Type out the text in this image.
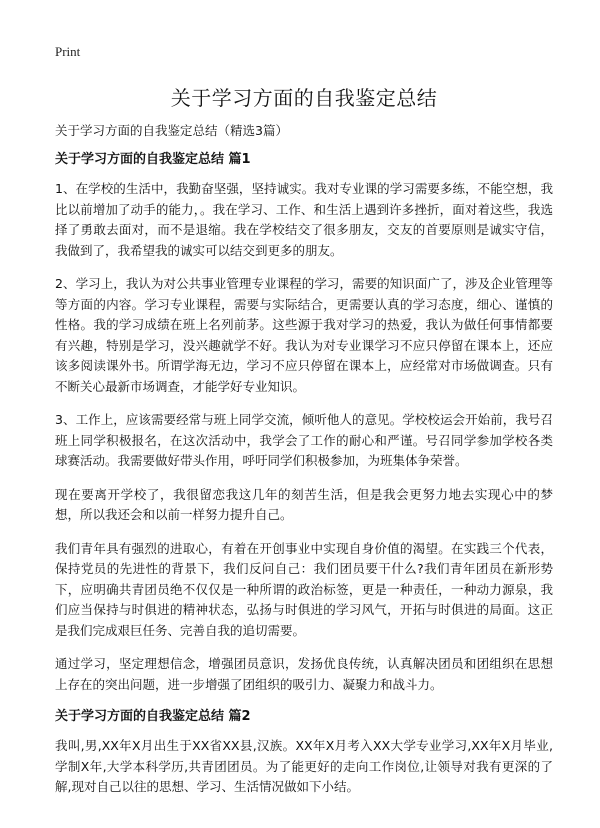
Print
关于学习方面的自我鉴定总结

关于学习方面的自我鉴定总结（精选3篇）

关于学习方面的自我鉴定总结 篇1

1、在学校的生活中，我勤奋坚强，坚持诚实。我对专业课的学习需要多练，不能空想，我比以前增加了动手的能力，。我在学习、工作、和生活上遇到许多挫折，面对着这些，我选择了勇敢去面对，而不是退缩。我在学校结交了很多朋友，交友的首要原则是诚实守信，我做到了，我希望我的诚实可以结交到更多的朋友。

2、学习上，我认为对公共事业管理专业课程的学习，需要的知识面广了，涉及企业管理等等方面的内容。学习专业课程，需要与实际结合，更需要认真的学习态度，细心、谨慎的性格。我的学习成绩在班上名列前茅。这些源于我对学习的热爱，我认为做任何事情都要有兴趣，特别是学习，没兴趣就学不好。我认为对专业课学习不应只停留在课本上，还应该多阅读课外书。所谓学海无边，学习不应只停留在课本上，应经常对市场做调查。只有不断关心最新市场调查，才能学好专业知识。

3、工作上，应该需要经常与班上同学交流，倾听他人的意见。学校校运会开始前，我号召班上同学积极报名，在这次活动中，我学会了工作的耐心和严谨。号召同学参加学校各类球赛活动。我需要做好带头作用，呼吁同学们积极参加，为班集体争荣誉。

现在要离开学校了，我很留恋我这几年的刻苦生活，但是我会更努力地去实现心中的梦想，所以我还会和以前一样努力提升自己。

我们青年具有强烈的进取心，有着在开创事业中实现自身价值的渴望。在实践三个代表，保持党员的先进性的背景下，我们反问自己：我们团员要干什么?我们青年团员在新形势下，应明确共青团员绝不仅仅是一种所谓的政治标签，更是一种责任，一种动力源泉，我们应当保持与时俱进的精神状态，弘扬与时俱进的学习风气，开拓与时俱进的局面。这正是我们完成艰巨任务、完善自我的追切需要。

通过学习，坚定理想信念，增强团员意识，发扬优良传统，认真解决团员和团组织在思想上存在的突出问题，进一步增强了团组织的吸引力、凝聚力和战斗力。

关于学习方面的自我鉴定总结 篇2

我叫,男,XX年X月出生于XX省XX县,汉族。XX年X月考入XX大学专业学习,XX年X月毕业,学制X年,大学本科学历,共青团团员。为了能更好的走向工作岗位,让领导对我有更深的了解,现对自己以往的思想、学习、生活情况做如下小结。
